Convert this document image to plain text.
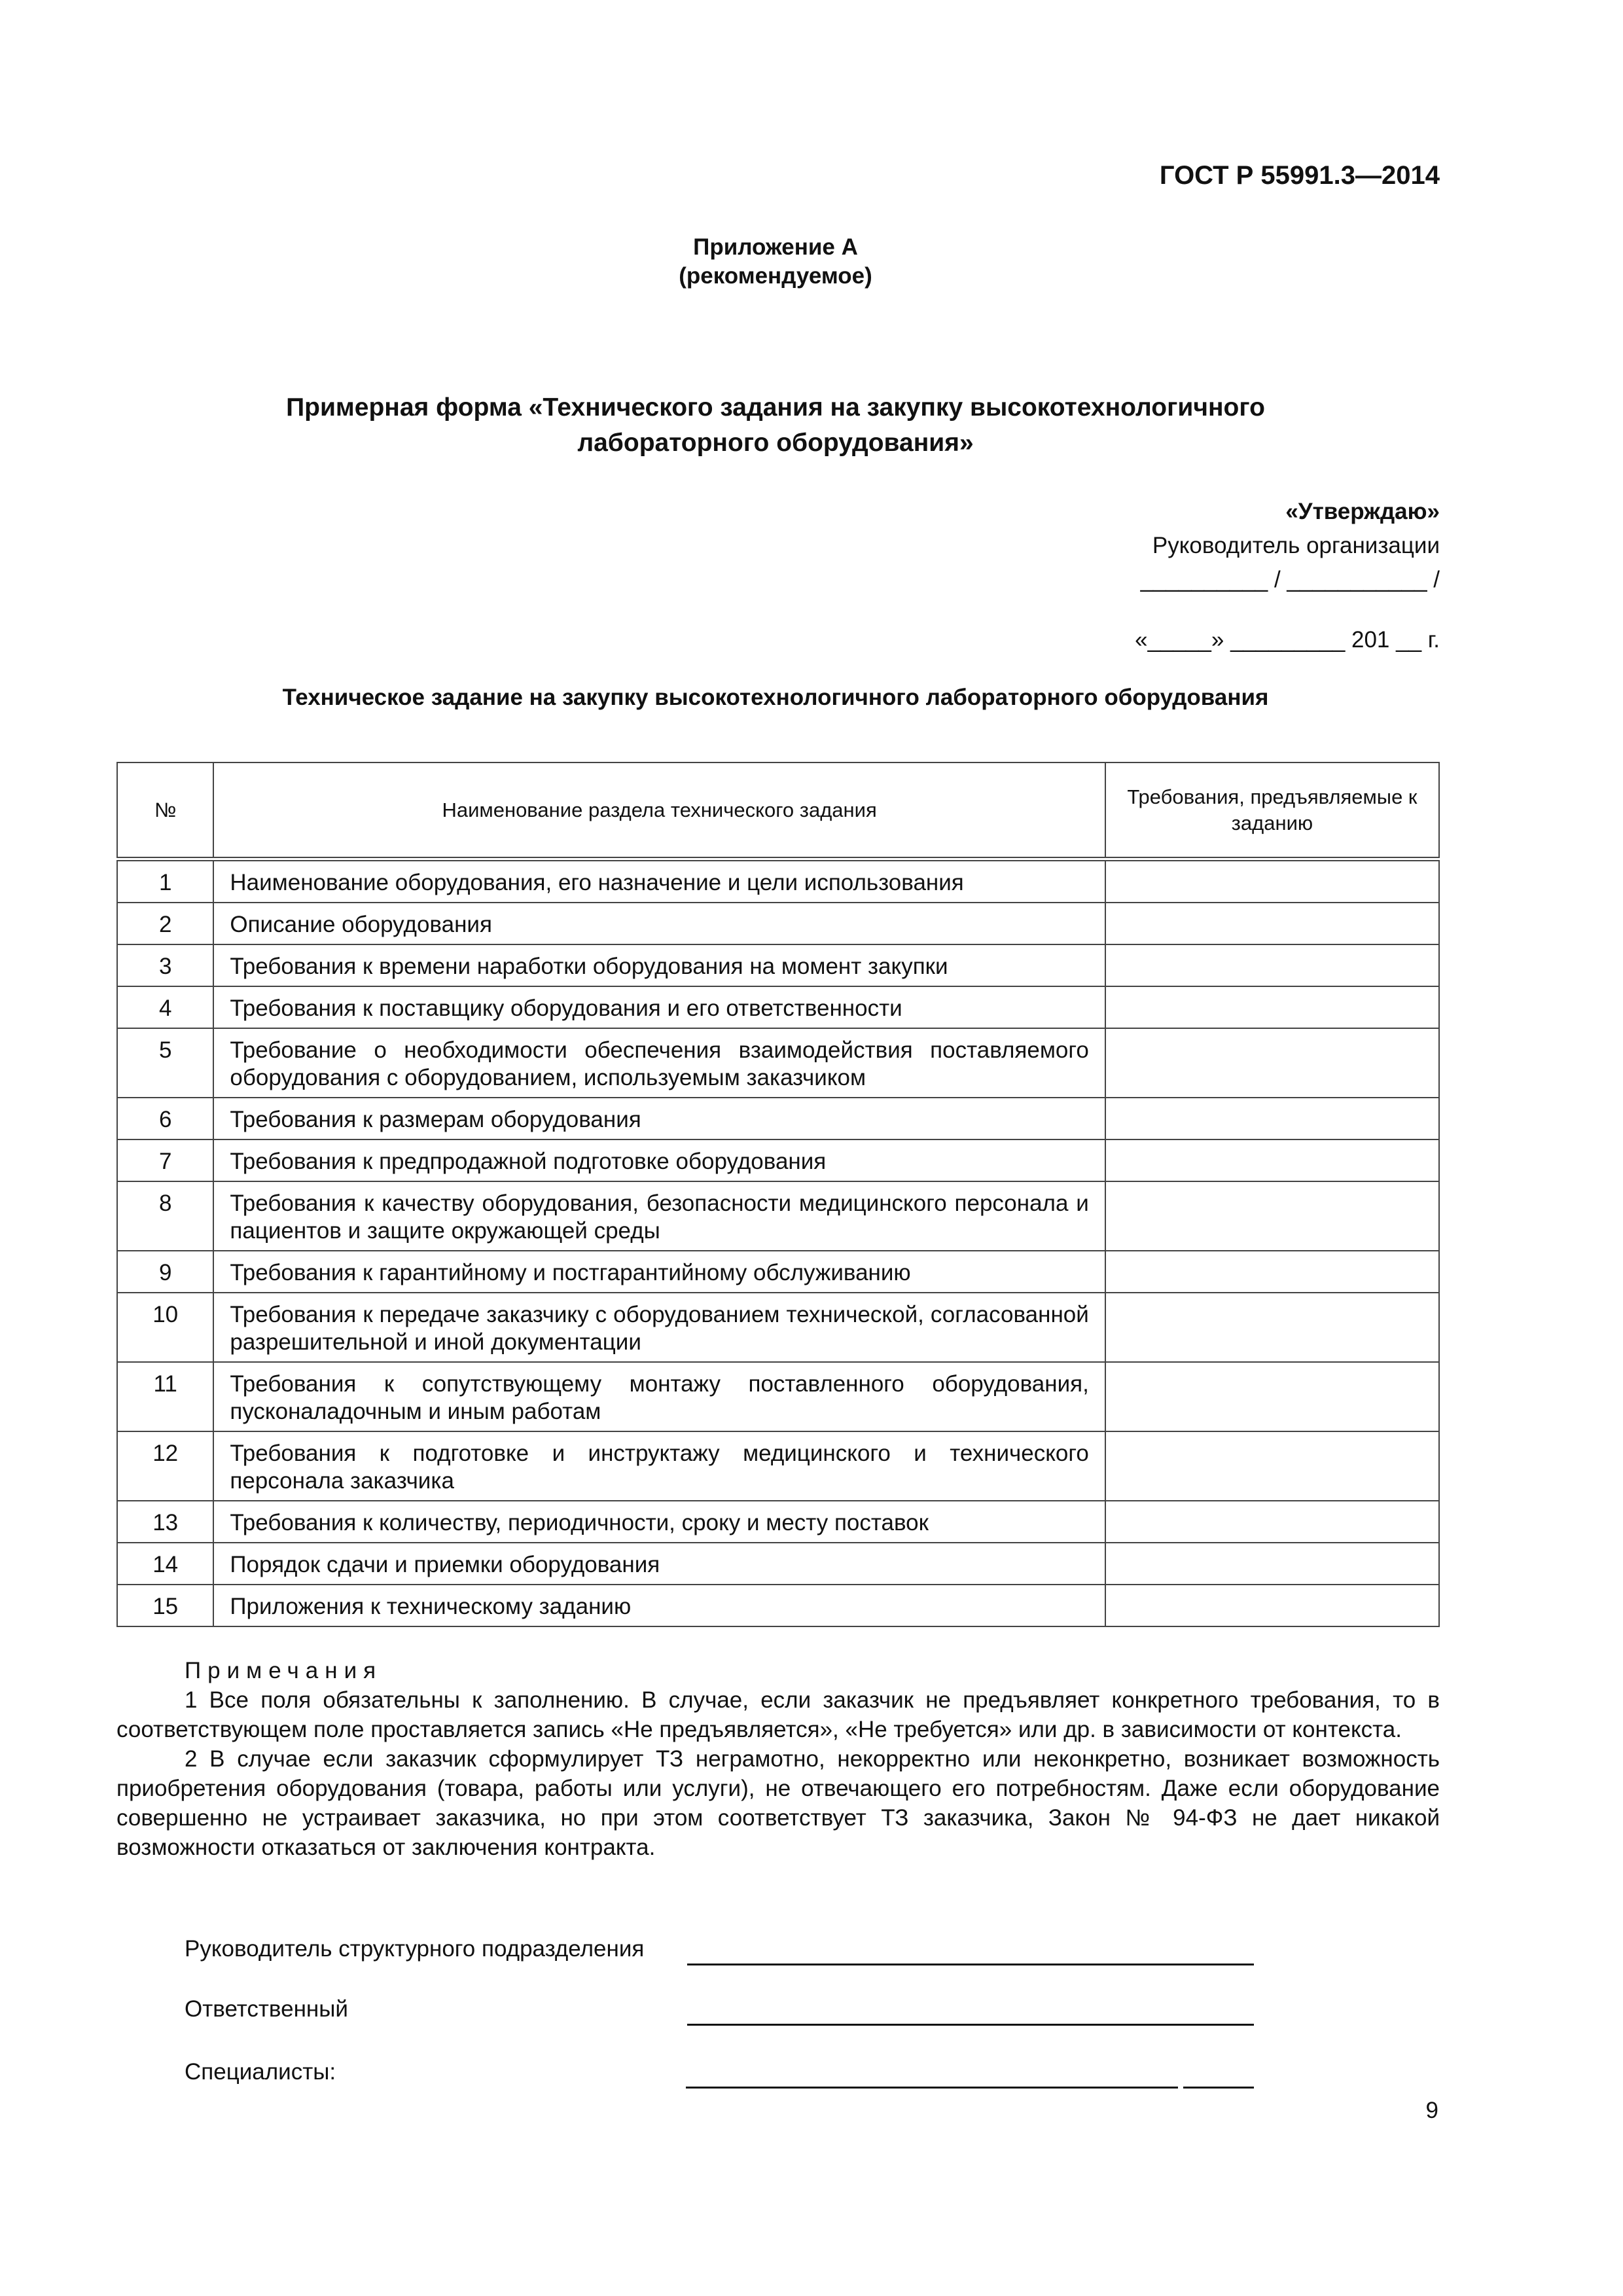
ГОСТ Р 55991.3—2014
Приложение А
(рекомендуемое)
Примерная форма «Технического задания на закупку высокотехнологичного
лабораторного оборудования»
«Утверждаю»
Руководитель организации
__________ / ___________ /
«_____» _________ 201 __ г.
Техническое задание на закупку высокотехнологичного лабораторного оборудования
№	Наименование раздела технического задания	Требования, предъявляемые к заданию
1	Наименование оборудования, его назначение и цели использования	
2	Описание оборудования	
3	Требования к времени наработки оборудования на момент закупки	
4	Требования к поставщику оборудования и его ответственности	
5	Требование о необходимости обеспечения взаимодействия поставляемого оборудования с оборудованием, используемым заказчиком	
6	Требования к размерам оборудования	
7	Требования к предпродажной подготовке оборудования	
8	Требования к качеству оборудования, безопасности медицинского персонала и пациентов и защите окружающей среды	
9	Требования к гарантийному и постгарантийному обслуживанию	
10	Требования к передаче заказчику с оборудованием технической, согласованной разрешительной и иной документации	
11	Требования к сопутствующему монтажу поставленного оборудования, пусконаладочным и иным работам	
12	Требования к подготовке и инструктажу медицинского и технического персонала заказчика	
13	Требования к количеству, периодичности, сроку и месту поставок	
14	Порядок сдачи и приемки оборудования	
15	Приложения к техническому заданию	
Примечания

1 Все поля обязательны к заполнению. В случае, если заказчик не предъявляет конкретного требования, то в соответствующем поле проставляется запись «Не предъявляется», «Не требуется» или др. в зависимости от контекста.

2 В случае если заказчик сформулирует ТЗ неграмотно, некорректно или неконкретно, возникает возможность приобретения оборудования (товара, работы или услуги), не отвечающего его потребностям. Даже если оборудование совершенно не устраивает заказчика, но при этом соответствует ТЗ заказчика, Закон № 94-ФЗ не дает никакой возможности отказаться от заключения контракта.

Руководитель структурного подразделения
Ответственный
Специалисты:
9
